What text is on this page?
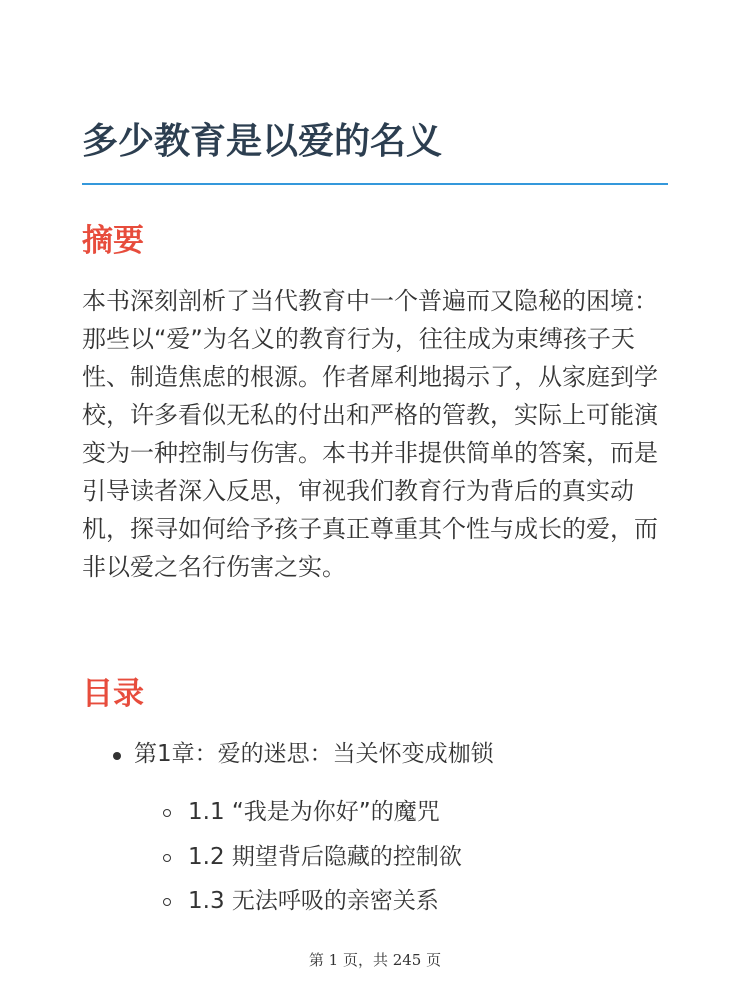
多少教育是以爱的名义
摘要

本书深刻剖析了当代教育中一个普遍而又隐秘的困境：那些以“爱”为名义的教育行为，往往成为束缚孩子天性、制造焦虑的根源。作者犀利地揭示了，从家庭到学校，许多看似无私的付出和严格的管教，实际上可能演变为一种控制与伤害。本书并非提供简单的答案，而是引导读者深入反思，审视我们教育行为背后的真实动机，探寻如何给予孩子真正尊重其个性与成长的爱，而非以爱之名行伤害之实。

目录
第1章：爱的迷思：当关怀变成枷锁
1.1 “我是为你好”的魔咒
1.2 期望背后隐藏的控制欲
1.3 无法呼吸的亲密关系
第 1 页，共 245 页
